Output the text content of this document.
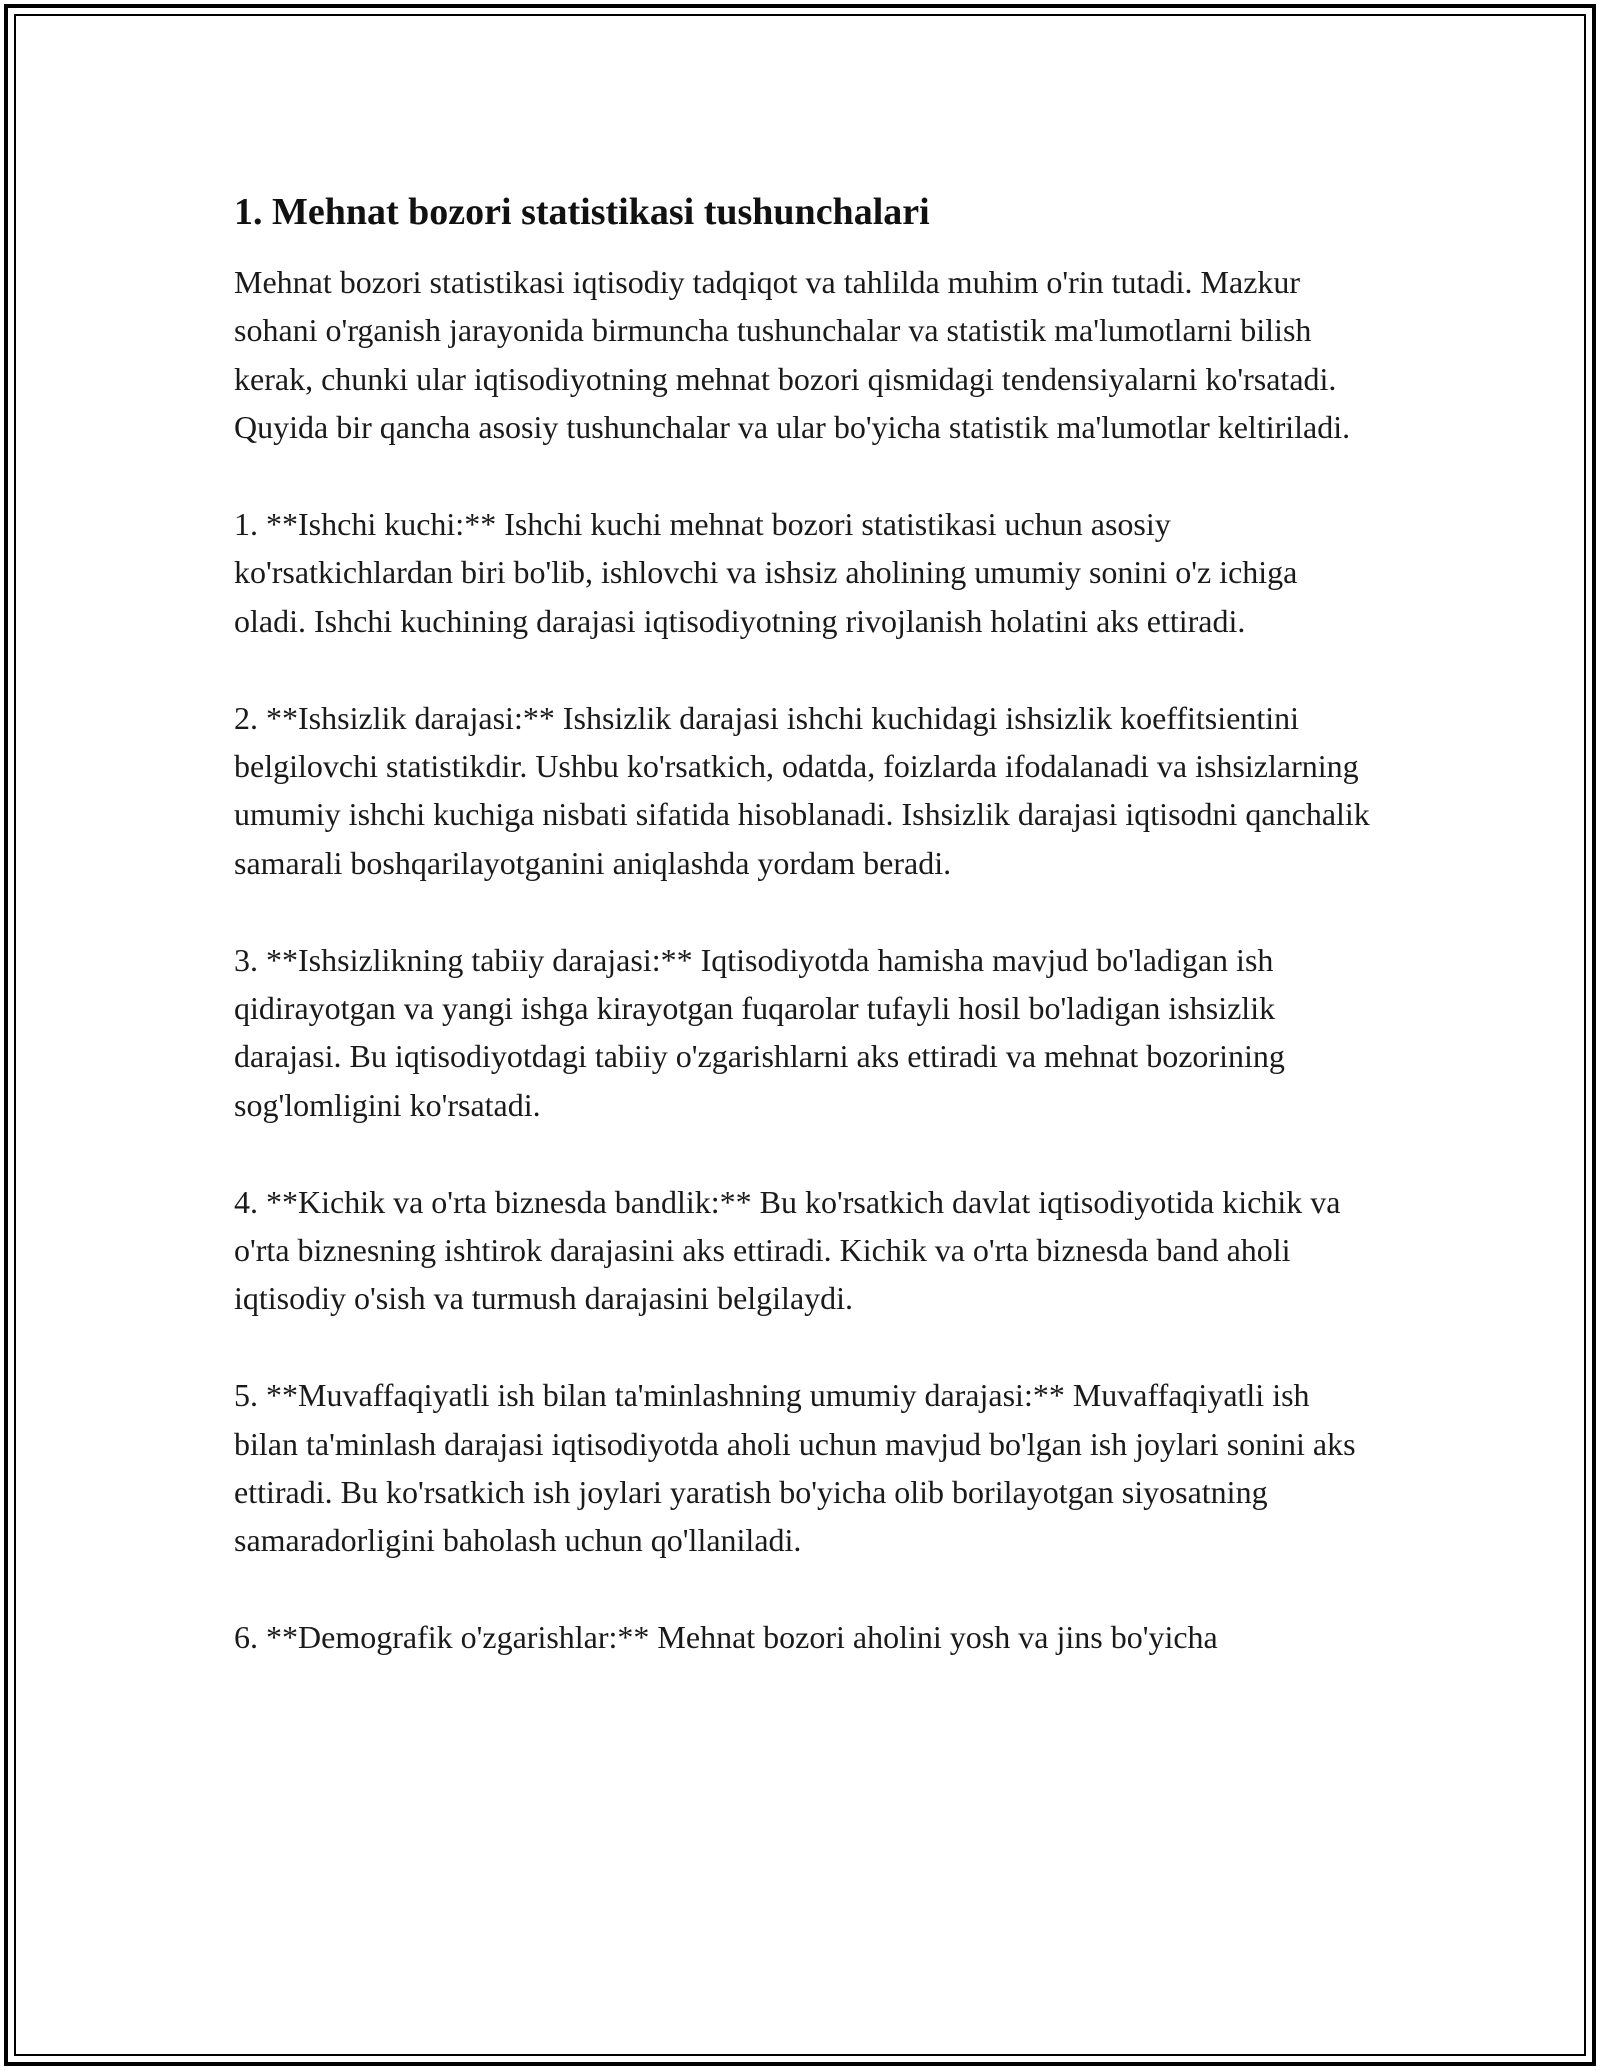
1. Mehnat bozori statistikasi tushunchalari

Mehnat bozori statistikasi iqtisodiy tadqiqot va tahlilda muhim o'rin tutadi. Mazkur sohani o'rganish jarayonida birmuncha tushunchalar va statistik ma'lumotlarni bilish kerak, chunki ular iqtisodiyotning mehnat bozori qismidagi tendensiyalarni ko'rsatadi. Quyida bir qancha asosiy tushunchalar va ular bo'yicha statistik ma'lumotlar keltiriladi.

1. **Ishchi kuchi:** Ishchi kuchi mehnat bozori statistikasi uchun asosiy ko'rsatkichlardan biri bo'lib, ishlovchi va ishsiz aholining umumiy sonini o'z ichiga oladi. Ishchi kuchining darajasi iqtisodiyotning rivojlanish holatini aks ettiradi.

2. **Ishsizlik darajasi:** Ishsizlik darajasi ishchi kuchidagi ishsizlik koeffitsientini belgilovchi statistikdir. Ushbu ko'rsatkich, odatda, foizlarda ifodalanadi va ishsizlarning umumiy ishchi kuchiga nisbati sifatida hisoblanadi. Ishsizlik darajasi iqtisodni qanchalik samarali boshqarilayotganini aniqlashda yordam beradi.

3. **Ishsizlikning tabiiy darajasi:** Iqtisodiyotda hamisha mavjud bo'ladigan ish qidirayotgan va yangi ishga kirayotgan fuqarolar tufayli hosil bo'ladigan ishsizlik darajasi. Bu iqtisodiyotdagi tabiiy o'zgarishlarni aks ettiradi va mehnat bozorining sog'lomligini ko'rsatadi.

4. **Kichik va o'rta biznesda bandlik:** Bu ko'rsatkich davlat iqtisodiyotida kichik va o'rta biznesning ishtirok darajasini aks ettiradi. Kichik va o'rta biznesda band aholi iqtisodiy o'sish va turmush darajasini belgilaydi.

5. **Muvaffaqiyatli ish bilan ta'minlashning umumiy darajasi:** Muvaffaqiyatli ish bilan ta'minlash darajasi iqtisodiyotda aholi uchun mavjud bo'lgan ish joylari sonini aks ettiradi. Bu ko'rsatkich ish joylari yaratish bo'yicha olib borilayotgan siyosatning samaradorligini baholash uchun qo'llaniladi.

6. **Demografik o'zgarishlar:** Mehnat bozori aholini yosh va jins bo'yicha
